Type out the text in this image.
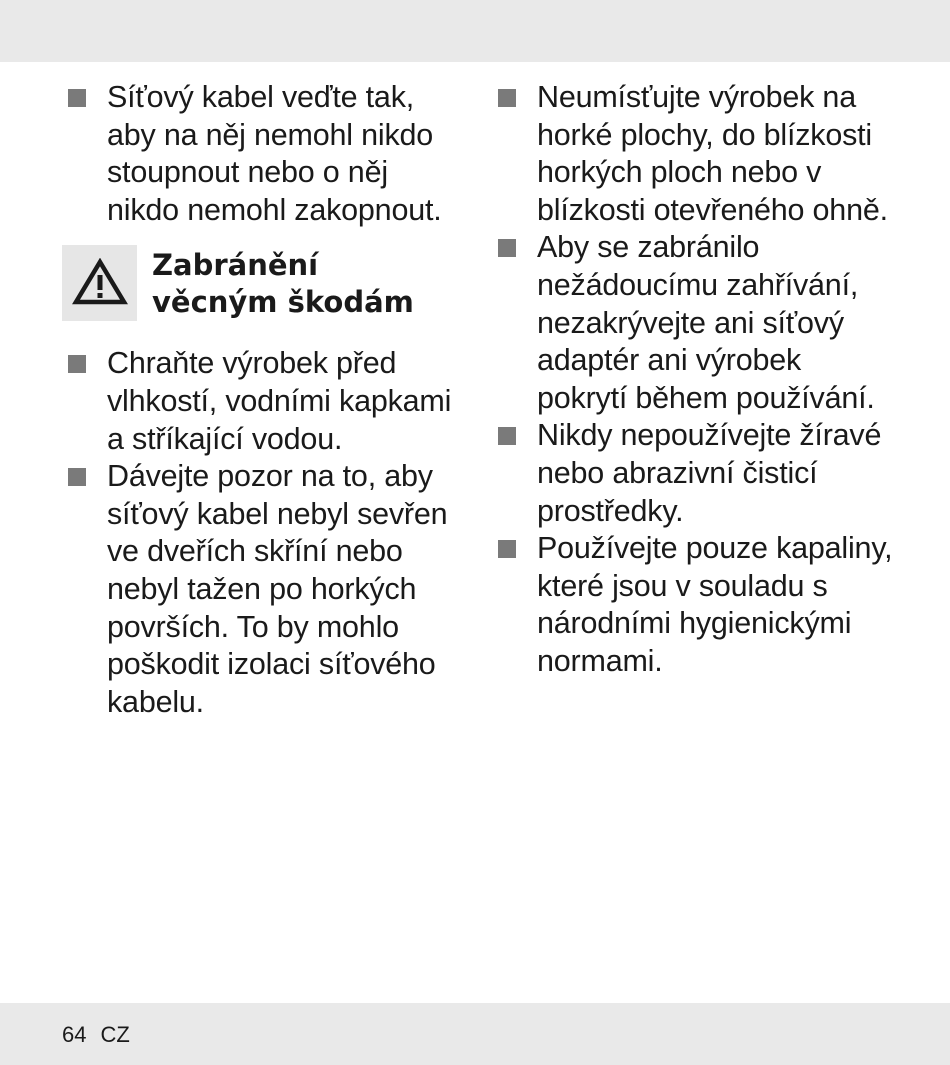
Síťový kabel veďte tak,
aby na něj nemohl nikdo
stoupnout nebo o něj
nikdo nemohl zakopnout.
Zabránění
věcným škodám
Chraňte výrobek před
vlhkostí, vodními kapkami
a stříkající vodou.
Dávejte pozor na to, aby
síťový kabel nebyl sevřen
ve dveřích skříní nebo
nebyl tažen po horkých
površích. To by mohlo
poškodit izolaci síťového
kabelu.
Neumísťujte výrobek na
horké plochy, do blízkosti
horkých ploch nebo v
blízkosti otevřeného ohně.
Aby se zabránilo
nežádoucímu zahřívání,
nezakrývejte ani síťový
adaptér ani výrobek
pokrytí během používání.
Nikdy nepoužívejte žíravé
nebo abrazivní čisticí
prostředky.
Používejte pouze kapaliny,
které jsou v souladu s
národními hygienickými
normami.
64 CZ
